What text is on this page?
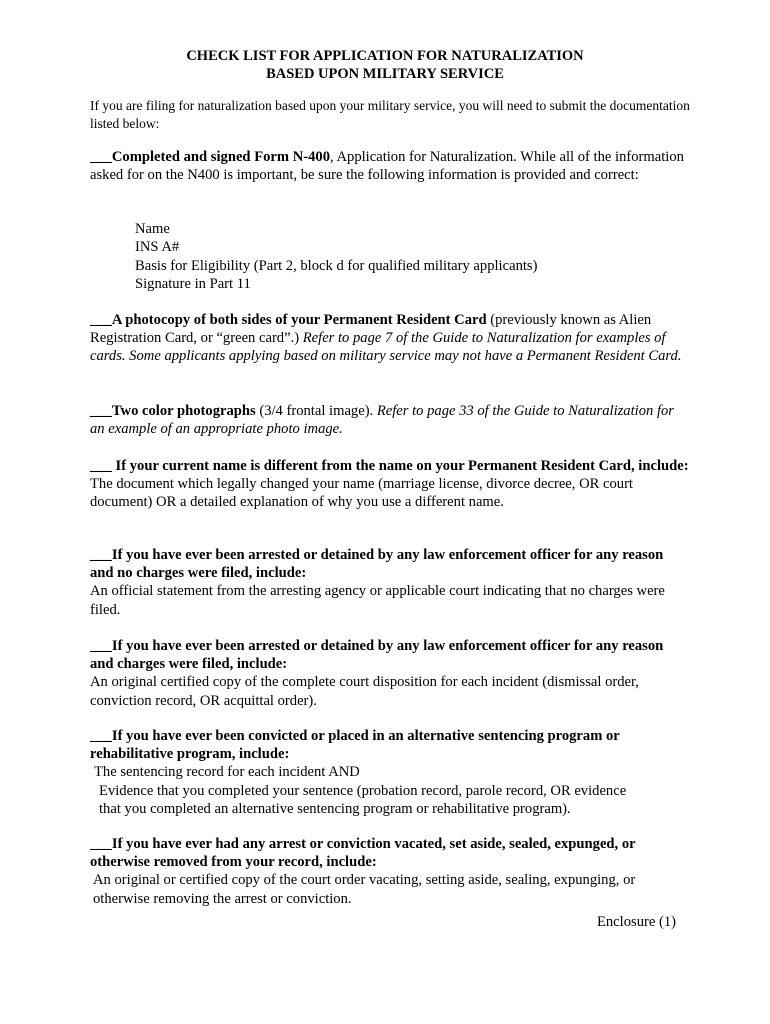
CHECK LIST FOR APPLICATION FOR NATURALIZATION
BASED UPON MILITARY SERVICE
If you are filing for naturalization based upon your military service, you will need to submit the documentation listed below:

___Completed and signed Form N-400, Application for Naturalization. While all of the information asked for on the N400 is important, be sure the following information is provided and correct:

Name
INS A#
Basis for Eligibility (Part 2, block d for qualified military applicants)
Signature in Part 11

___A photocopy of both sides of your Permanent Resident Card (previously known as Alien Registration Card, or “green card”.) Refer to page 7 of the Guide to Naturalization for examples of cards. Some applicants applying based on military service may not have a Permanent Resident Card.

___Two color photographs (3/4 frontal image). Refer to page 33 of the Guide to Naturalization for an example of an appropriate photo image.

___ If your current name is different from the name on your Permanent Resident Card, include:

The document which legally changed your name (marriage license, divorce decree, OR court document) OR a detailed explanation of why you use a different name.

___If you have ever been arrested or detained by any law enforcement officer for any reason and no charges were filed, include:

An official statement from the arresting agency or applicable court indicating that no charges were filed.

___If you have ever been arrested or detained by any law enforcement officer for any reason and charges were filed, include:

An original certified copy of the complete court disposition for each incident (dismissal order, conviction record, OR acquittal order).

___If you have ever been convicted or placed in an alternative sentencing program or rehabilitative program, include:

The sentencing record for each incident AND

Evidence that you completed your sentence (probation record, parole record, OR evidence

that you completed an alternative sentencing program or rehabilitative program).

___If you have ever had any arrest or conviction vacated, set aside, sealed, expunged, or otherwise removed from your record, include:

An original or certified copy of the court order vacating, setting aside, sealing, expunging, or otherwise removing the arrest or conviction.

Enclosure (1)
